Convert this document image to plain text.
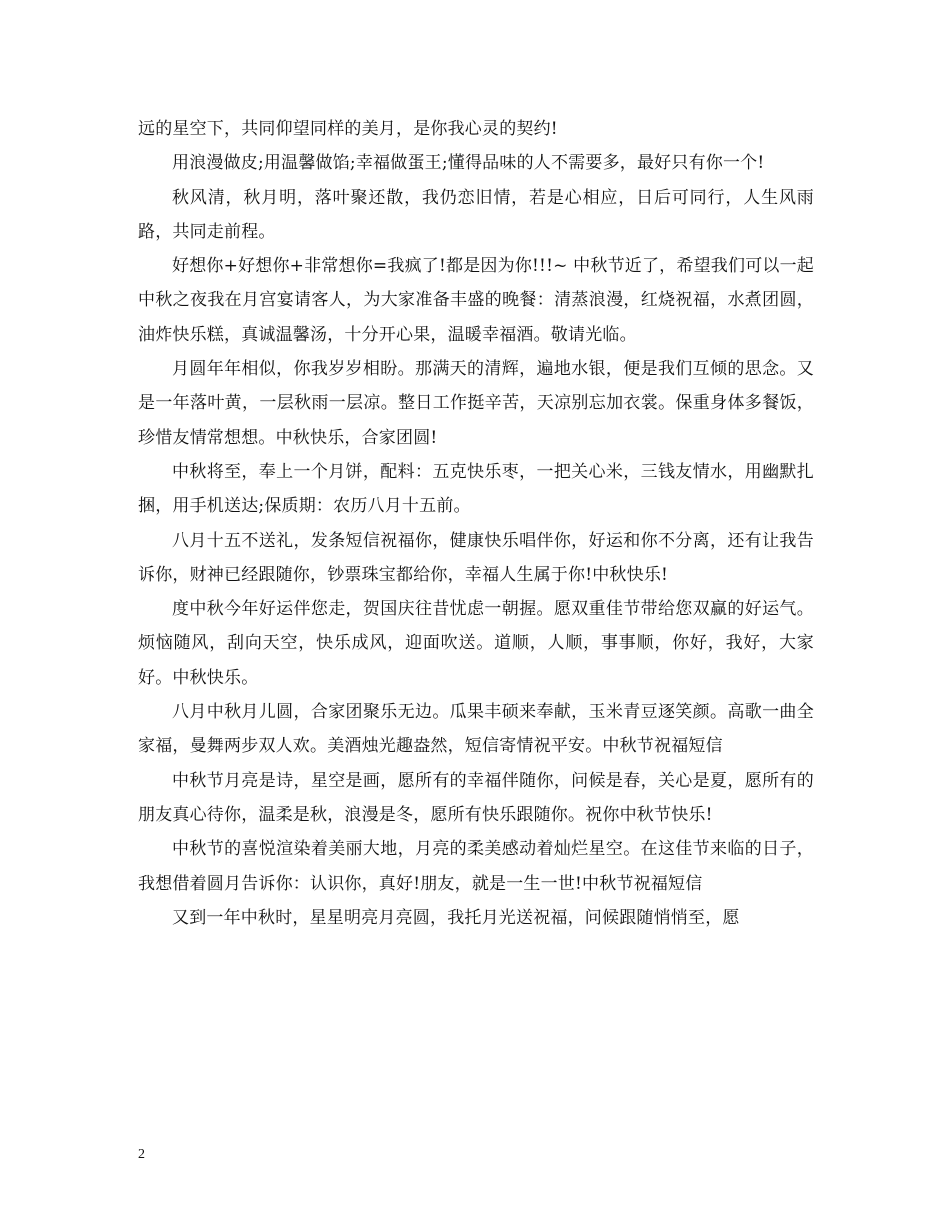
远的星空下，共同仰望同样的美月，是你我心灵的契约!

用浪漫做皮;用温馨做馅;幸福做蛋王;懂得品味的人不需要多，最好只有你一个!

秋风清，秋月明，落叶聚还散，我仍恋旧情，若是心相应，日后可同行，人生风雨路，共同走前程。

好想你+好想你+非常想你=我疯了!都是因为你!!!~ 中秋节近了，希望我们可以一起中秋之夜我在月宫宴请客人，为大家准备丰盛的晚餐：清蒸浪漫，红烧祝福，水煮团圆，油炸快乐糕，真诚温馨汤，十分开心果，温暖幸福酒。敬请光临。

月圆年年相似，你我岁岁相盼。那满天的清辉，遍地水银，便是我们互倾的思念。又是一年落叶黄，一层秋雨一层凉。整日工作挺辛苦，天凉别忘加衣裳。保重身体多餐饭，珍惜友情常想想。中秋快乐，合家团圆!

中秋将至，奉上一个月饼，配料：五克快乐枣，一把关心米，三钱友情水，用幽默扎捆，用手机送达;保质期：农历八月十五前。

八月十五不送礼，发条短信祝福你，健康快乐唱伴你，好运和你不分离，还有让我告诉你，财神已经跟随你，钞票珠宝都给你，幸福人生属于你!中秋快乐!

度中秋今年好运伴您走，贺国庆往昔忧虑一朝握。愿双重佳节带给您双赢的好运气。烦恼随风，刮向天空，快乐成风，迎面吹送。道顺，人顺，事事顺，你好，我好，大家好。中秋快乐。

八月中秋月儿圆，合家团聚乐无边。瓜果丰硕来奉献，玉米青豆逐笑颜。高歌一曲全家福，曼舞两步双人欢。美酒烛光趣盎然，短信寄情祝平安。中秋节祝福短信

中秋节月亮是诗，星空是画，愿所有的幸福伴随你，问候是春，关心是夏，愿所有的朋友真心待你，温柔是秋，浪漫是冬，愿所有快乐跟随你。祝你中秋节快乐!

中秋节的喜悦渲染着美丽大地，月亮的柔美感动着灿烂星空。在这佳节来临的日子，我想借着圆月告诉你：认识你，真好!朋友，就是一生一世!中秋节祝福短信

又到一年中秋时，星星明亮月亮圆，我托月光送祝福，问候跟随悄悄至，愿

2
